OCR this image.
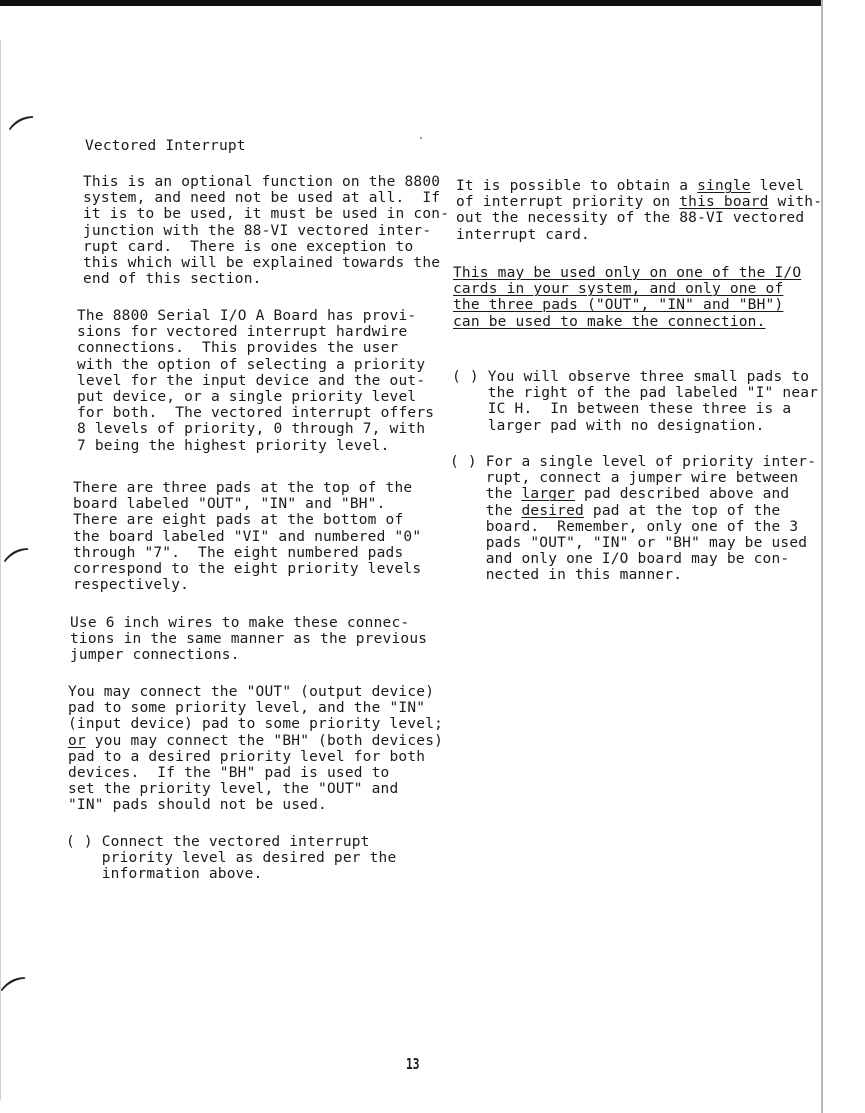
⁀
⁀
⁀
Vectored Interrupt
This is an optional function on the 8800
system, and need not be used at all.  If
it is to be used, it must be used in con-
junction with the 88-VI vectored inter-
rupt card.  There is one exception to
this which will be explained towards the
end of this section.
The 8800 Serial I/O A Board has provi-
sions for vectored interrupt hardwire
connections.  This provides the user
with the option of selecting a priority
level for the input device and the out-
put device, or a single priority level
for both.  The vectored interrupt offers
8 levels of priority, 0 through 7, with
7 being the highest priority level.
There are three pads at the top of the
board labeled "OUT", "IN" and "BH".
There are eight pads at the bottom of
the board labeled "VI" and numbered "0"
through "7".  The eight numbered pads
correspond to the eight priority levels
respectively.
Use 6 inch wires to make these connec-
tions in the same manner as the previous
jumper connections.
You may connect the "OUT" (output device)
pad to some priority level, and the "IN"
(input device) pad to some priority level;
or you may connect the "BH" (both devices)
pad to a desired priority level for both
devices.  If the "BH" pad is used to
set the priority level, the "OUT" and
"IN" pads should not be used.
( ) Connect the vectored interrupt
priority level as desired per the
information above.
It is possible to obtain a single level
of interrupt priority on this board with-
out the necessity of the 88-VI vectored
interrupt card.
This may be used only on one of the I/O
cards in your system, and only one of
the three pads ("OUT", "IN" and "BH")
can be used to make the connection.
( ) You will observe three small pads to
the right of the pad labeled "I" near
IC H.  In between these three is a
larger pad with no designation.
( ) For a single level of priority inter-
rupt, connect a jumper wire between
the larger pad described above and
the desired pad at the top of the
board.  Remember, only one of the 3
pads "OUT", "IN" or "BH" may be used
and only one I/O board may be con-
nected in this manner.
13
